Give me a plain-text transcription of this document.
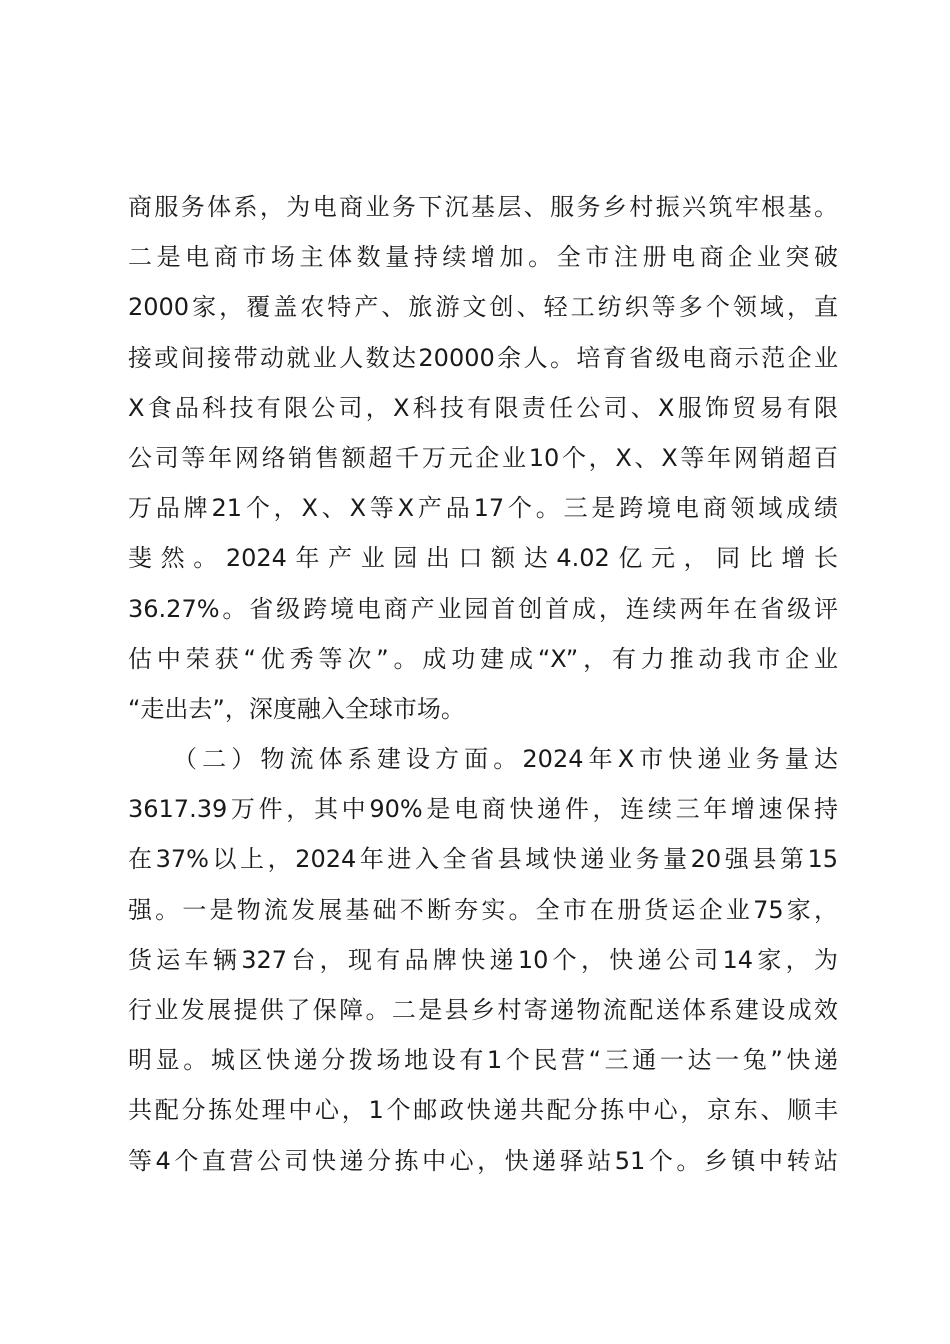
商服务体系，为电商业务下沉基层、服务乡村振兴筑牢根基。
二是电商市场主体数量持续增加。全市注册电商企业突破
2000家，覆盖农特产、旅游文创、轻工纺织等多个领域，直
接或间接带动就业人数达20000余人。培育省级电商示范企业
X食品科技有限公司，X科技有限责任公司、X服饰贸易有限
公司等年网络销售额超千万元企业10个，X、X等年网销超百
万品牌21个，X、X等X产品17个。三是跨境电商领域成绩
斐然。2024年产业园出口额达4.02亿元，同比增长
36.27%。省级跨境电商产业园首创首成，连续两年在省级评
估中荣获“优秀等次”。成功建成“X”，有力推动我市企业
“走出去”，深度融入全球市场。
（二）物流体系建设方面。2024年X市快递业务量达
3617.39万件，其中90%是电商快递件，连续三年增速保持
在37%以上，2024年进入全省县域快递业务量20强县第15
强。一是物流发展基础不断夯实。全市在册货运企业75家，
货运车辆327台，现有品牌快递10个，快递公司14家，为
行业发展提供了保障。二是县乡村寄递物流配送体系建设成效
明显。城区快递分拨场地设有1个民营“三通一达一兔”快递
共配分拣处理中心，1个邮政快递共配分拣中心，京东、顺丰
等4个直营公司快递分拣中心，快递驿站51个。乡镇中转站
